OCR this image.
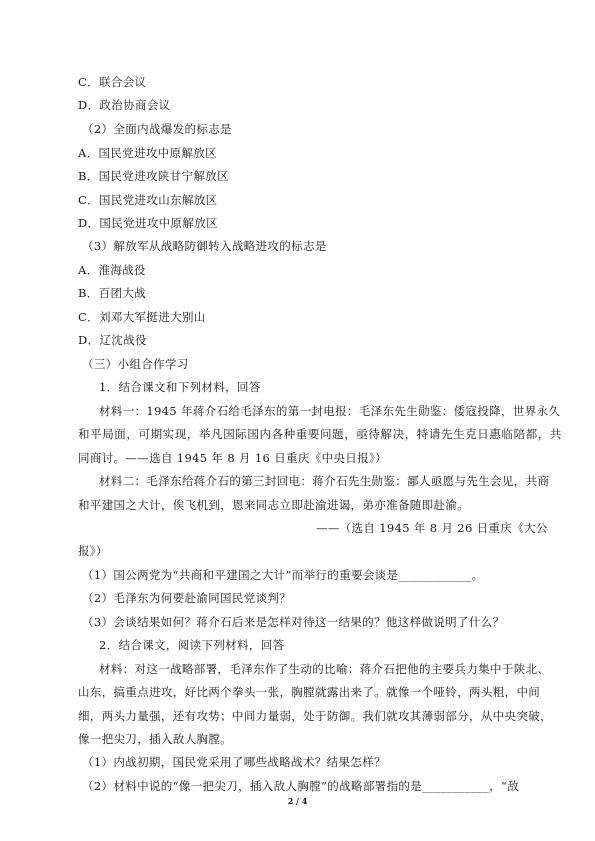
C．联合会议
D．政治协商会议
（2）全面内战爆发的标志是
A．国民党进攻中原解放区
B．国民党进攻陕甘宁解放区
C．国民党进攻山东解放区
D．国民党进攻中原解放区
（3）解放军从战略防御转入战略进攻的标志是
A．淮海战役
B．百团大战
C．刘邓大军挺进大别山
D．辽沈战役
（三）小组合作学习
1．结合课文和下列材料，回答
材料一：1945 年蒋介石给毛泽东的第一封电报：毛泽东先生勋鉴：倭寇投降，世界永久
和平局面，可期实现，举凡国际国内各种重要问题，亟待解决，特请先生克日惠临陪都，共
同商讨。——选自 1945 年 8 月 16 日重庆《中央日报》）
材料二：毛泽东给蒋介石的第三封回电：蒋介石先生勋鉴：鄙人亟愿与先生会见，共商
和平建国之大计，俟飞机到，恩来同志立即赴渝进谒，弟亦准备随即赴渝。
——（选自 1945 年 8 月 26 日重庆《大公
报》）
（1）国公两党为“共商和平建国之大计”而举行的重要会谈是____________。
（2）毛泽东为何要赴渝同国民党谈判？
（3）会谈结果如何？蒋介石后来是怎样对待这一结果的？他这样做说明了什么？
2．结合课文，阅读下列材料，回答
材料：对这一战略部署，毛泽东作了生动的比喻：蒋介石把他的主要兵力集中于陕北、
山东，搞重点进攻，好比两个拳头一张，胸膛就露出来了。就像一个哑铃，两头粗，中间
细，两头力量强，还有攻势；中间力量弱，处于防御。我们就攻其薄弱部分，从中央突破，
像一把尖刀，插入敌人胸膛。
（1）内战初期，国民党采用了哪些战略战术？结果怎样？
（2）材料中说的“像一把尖刀，插入敌人胸膛”的战略部署指的是___________，“敌
2 / 4
